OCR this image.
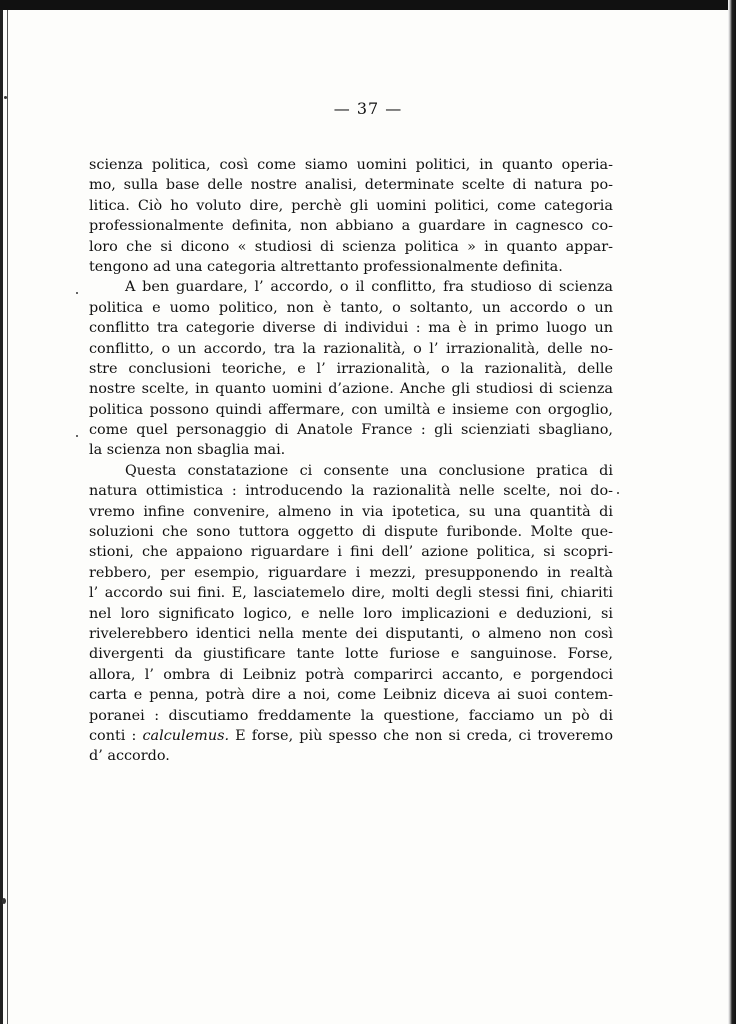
— 37 —
scienza politica, così come siamo uomini politici, in quanto operia-
mo, sulla base delle nostre analisi, determinate scelte di natura po-
litica. Ciò ho voluto dire, perchè gli uomini politici, come categoria
professionalmente definita, non abbiano a guardare in cagnesco co-
loro che si dicono « studiosi di scienza politica » in quanto appar-
tengono ad una categoria altrettanto professionalmente definita.
A ben guardare, l’ accordo, o il conflitto, fra studioso di scienza
politica e uomo politico, non è tanto, o soltanto, un accordo o un
conflitto tra categorie diverse di individui : ma è in primo luogo un
conflitto, o un accordo, tra la razionalità, o l’ irrazionalità, delle no-
stre conclusioni teoriche, e l’ irrazionalità, o la razionalità, delle
nostre scelte, in quanto uomini d’azione. Anche gli studiosi di scienza
politica possono quindi affermare, con umiltà e insieme con orgoglio,
come quel personaggio di Anatole France : gli scienziati sbagliano,
la scienza non sbaglia mai.
Questa constatazione ci consente una conclusione pratica di
natura ottimistica : introducendo la razionalità nelle scelte, noi do-
vremo infine convenire, almeno in via ipotetica, su una quantità di
soluzioni che sono tuttora oggetto di dispute furibonde. Molte que-
stioni, che appaiono riguardare i fini dell’ azione politica, si scopri-
rebbero, per esempio, riguardare i mezzi, presupponendo in realtà
l’ accordo sui fini. E, lasciatemelo dire, molti degli stessi fini, chiariti
nel loro significato logico, e nelle loro implicazioni e deduzioni, si
rivelerebbero identici nella mente dei disputanti, o almeno non così
divergenti da giustificare tante lotte furiose e sanguinose. Forse,
allora, l’ ombra di Leibniz potrà comparirci accanto, e porgendoci
carta e penna, potrà dire a noi, come Leibniz diceva ai suoi contem-
poranei : discutiamo freddamente la questione, facciamo un pò di
conti : calculemus. E forse, più spesso che non si creda, ci troveremo
d’ accordo.
